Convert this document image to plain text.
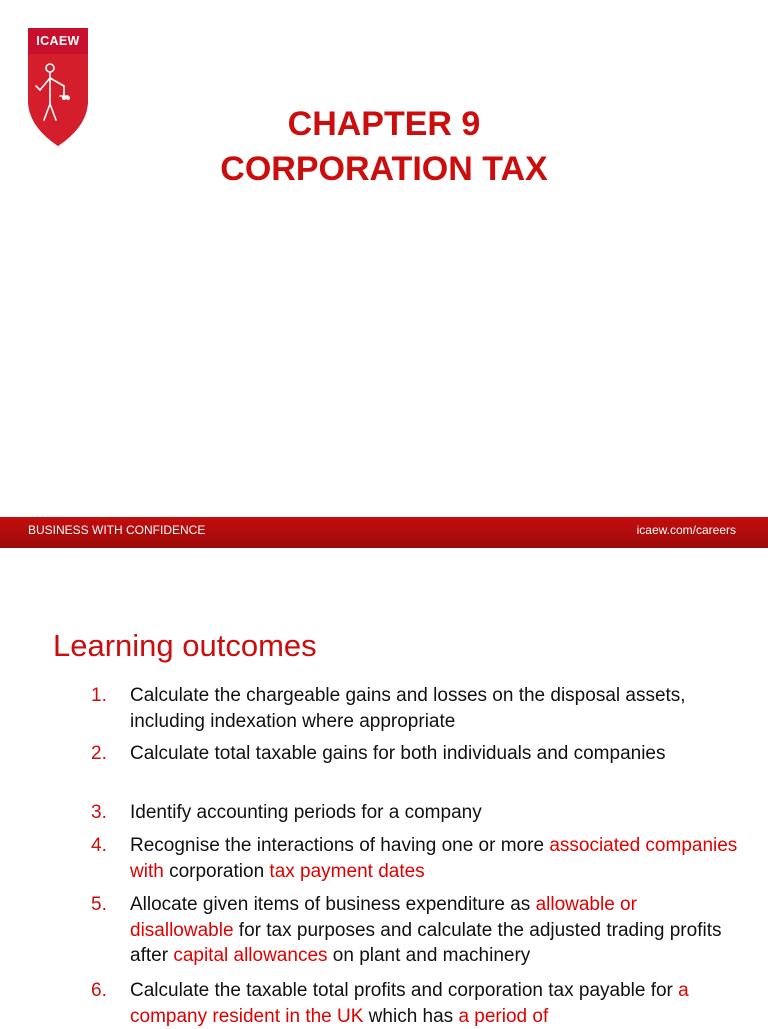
ICAEW
CHAPTER 9
CORPORATION TAX
BUSINESS WITH CONFIDENCE	icaew.com/careers
Learning outcomes
1.	Calculate the chargeable gains and losses on the disposal assets, including indexation where appropriate
2.	Calculate total taxable gains for both individuals and companies
3.	Identify accounting periods for a company
4.	Recognise the interactions of having one or more associated companies with corporation tax payment dates
5.	Allocate given items of business expenditure as allowable or disallowable for tax purposes and calculate the adjusted trading profits after capital allowances on plant and machinery
6.	Calculate the taxable total profits and corporation tax payable for a company resident in the UK which has a period of
